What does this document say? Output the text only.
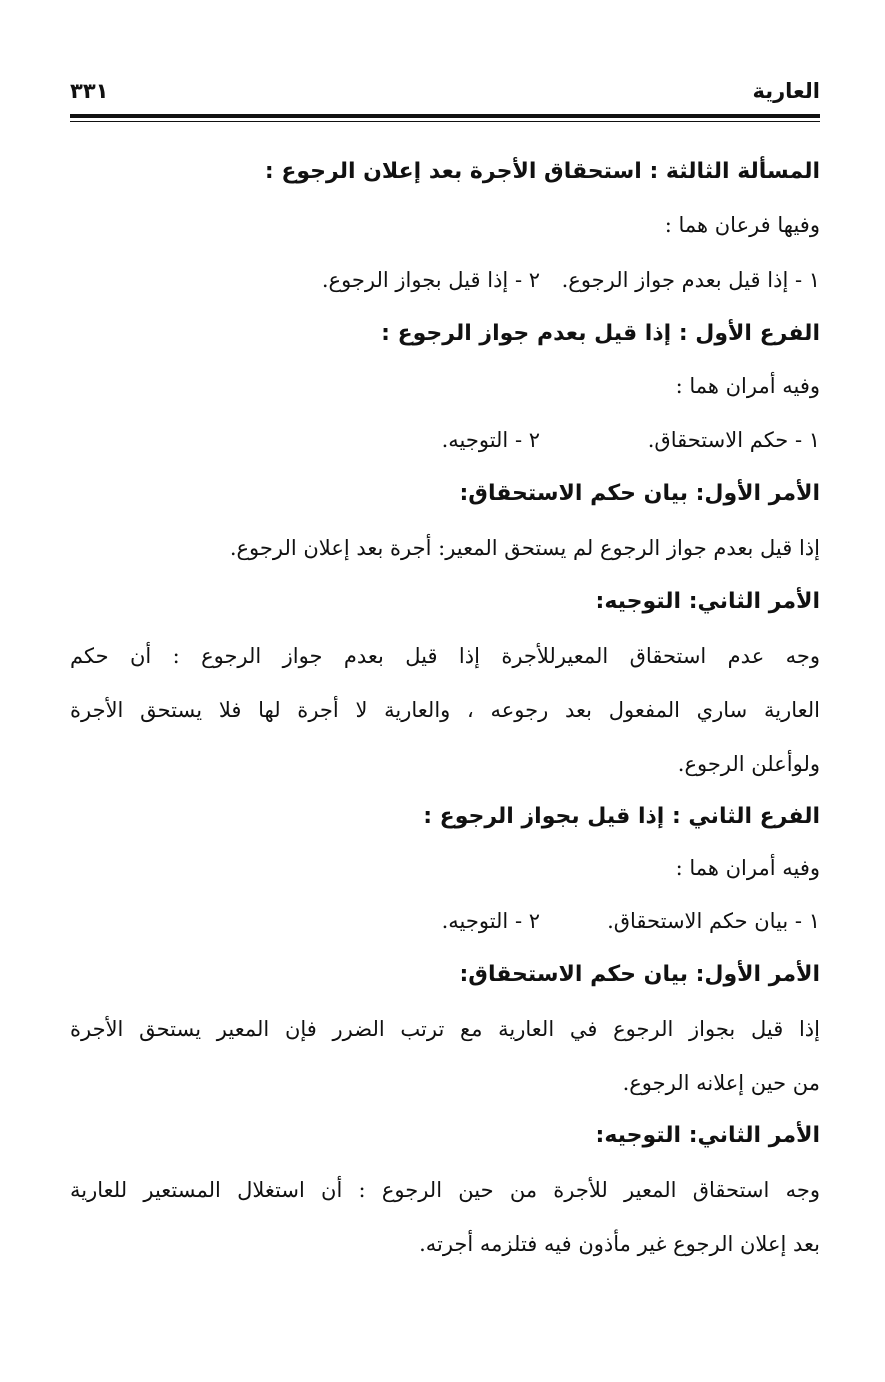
العارية
٣٣١
المسألة الثالثة : استحقاق الأجرة بعد إعلان الرجوع :
وفيها فرعان هما :
١ - إذا قيل بعدم جواز الرجوع.٢ - إذا قيل بجواز الرجوع.
الفرع الأول : إذا قيل بعدم جواز الرجوع :
وفيه أمران هما :
١ - حكم الاستحقاق.٢ - التوجيه.
الأمر الأول: بيان حكم الاستحقاق:
إذا قيل بعدم جواز الرجوع لم يستحق المعير: أجرة بعد إعلان الرجوع.
الأمر الثاني: التوجيه:
وجه عدم استحقاق المعيرللأجرة إذا قيل بعدم جواز الرجوع : أن حكم
العارية ساري المفعول بعد رجوعه ، والعارية لا أجرة لها فلا يستحق الأجرة
ولوأعلن الرجوع.
الفرع الثاني : إذا قيل بجواز الرجوع :
وفيه أمران هما :
١ - بيان حكم الاستحقاق.٢ - التوجيه.
الأمر الأول: بيان حكم الاستحقاق:
إذا قيل بجواز الرجوع في العارية مع ترتب الضرر فإن المعير يستحق الأجرة
من حين إعلانه الرجوع.
الأمر الثاني: التوجيه:
وجه استحقاق المعير للأجرة من حين الرجوع : أن استغلال المستعير للعارية
بعد إعلان الرجوع غير مأذون فيه فتلزمه أجرته.
